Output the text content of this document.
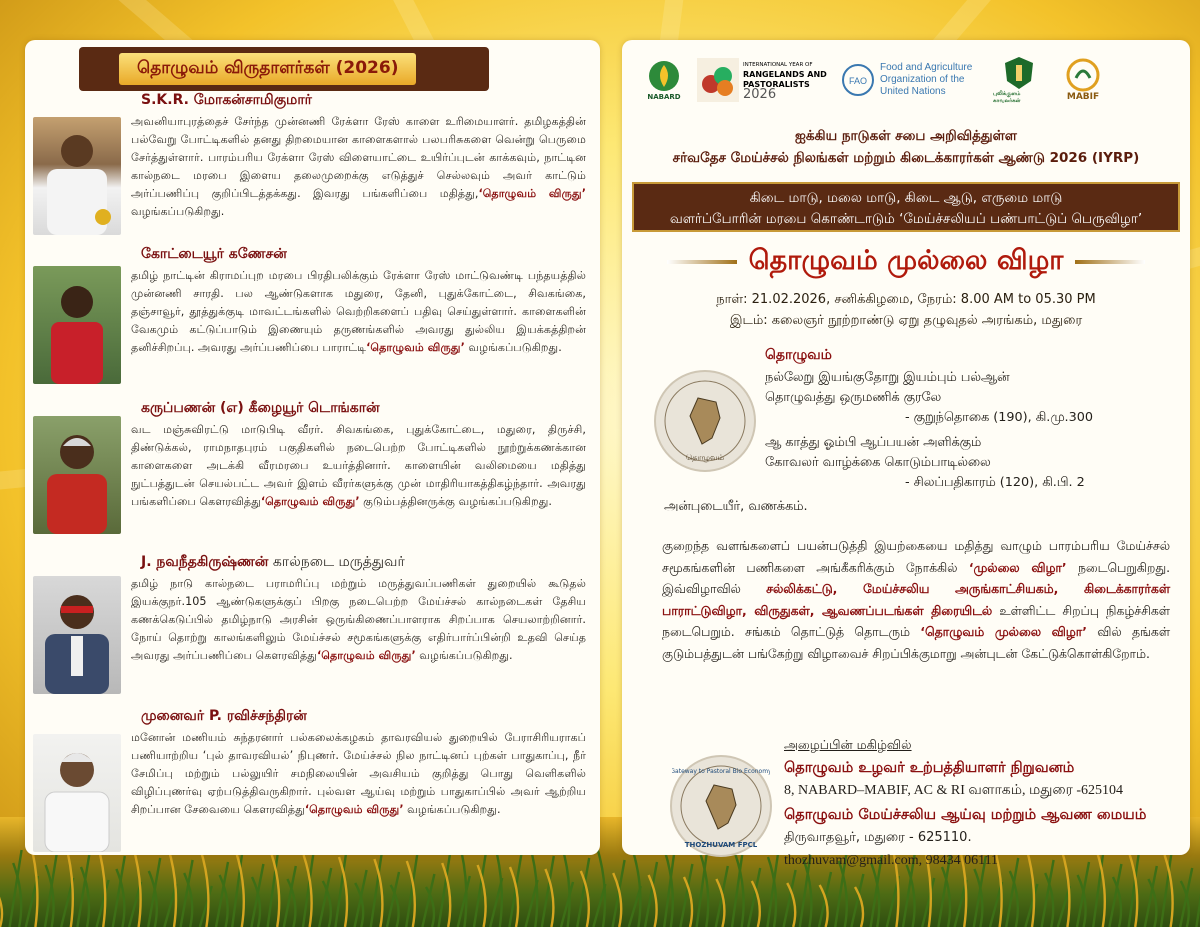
தொழுவம் விருதாளர்கள் (2026)
S.K.R. மோகன்சாமிகுமார்
அவனியாபுரத்தைச் சேர்ந்த முன்னணி ரேக்ளா ரேஸ் காளை உரிமையாளர். தமிழகத்தின் பல்வேறு போட்டிகளில் தனது திறமையான காளைகளால் பலபரிசுகளை வென்று பெருமை சேர்த்துள்ளார். பாரம்பரிய ரேக்ளா ரேஸ் விளையாட்டை உயிர்ப்புடன் காக்கவும், நாட்டின கால்நடை மரபை இளைய தலைமுறைக்கு எடுத்துச் செல்லவும் அவர் காட்டும் அர்ப்பணிப்பு குறிப்பிடத்தக்கது. இவரது பங்களிப்பை மதித்து,‘தொழுவம் விருது’ வழங்கப்படுகிறது.
கோட்டையூர் கணேசன்
தமிழ் நாட்டின் கிராமப்புற மரபை பிரதிபலிக்கும் ரேக்ளா ரேஸ் மாட்டுவண்டி பந்தயத்தில் முன்னணி சாரதி. பல ஆண்டுகளாக மதுரை, தேனி, புதுக்கோட்டை, சிவகங்கை, தஞ்சாவூர், தூத்துக்குடி மாவட்டங்களில் வெற்றிகளைப் பதிவு செய்துள்ளார். காளைகளின் வேகமும் கட்டுப்பாடும் இணையும் தருணங்களில் அவரது துல்லிய இயக்கத்திறன் தனிச்சிறப்பு. அவரது அர்ப்பணிப்பை பாராட்டி‘தொழுவம் விருது’ வழங்கப்படுகிறது.
கருப்பணன் (எ) கீழையூர் டொங்கான்
வட மஞ்சுவிரட்டு மாடுபிடி வீரர். சிவகங்கை, புதுக்கோட்டை, மதுரை, திருச்சி, திண்டுக்கல், ராமநாதபுரம் பகுதிகளில் நடைபெற்ற போட்டிகளில் நூற்றுக்கணக்கான காளைகளை அடக்கி வீரமரபை உயர்த்தினார். காளையின் வலிமையை மதித்து நுட்பத்துடன் செயல்பட்ட அவர் இளம் வீரர்களுக்கு முன் மாதிரியாகத்திகழ்ந்தார். அவரது பங்களிப்பை கௌரவித்து‘தொழுவம் விருது’ குடும்பத்தினருக்கு வழங்கப்படுகிறது.
J. நவநீதகிருஷ்ணன் கால்நடை மருத்துவர்
தமிழ் நாடு கால்நடை பராமரிப்பு மற்றும் மருத்துவப்பணிகள் துறையில் கூடுதல் இயக்குநர்.105 ஆண்டுகளுக்குப் பிறகு நடைபெற்ற மேய்ச்சல் கால்நடைகள் தேசிய கணக்கெடுப்பில் தமிழ்நாடு அரசின் ஒருங்கிணைப்பாளராக சிறப்பாக செயலாற்றினார். நோய் தொற்று காலங்களிலும் மேய்ச்சல் சமூகங்களுக்கு எதிர்பார்ப்பின்றி உதவி செய்த அவரது அர்ப்பணிப்பை கௌரவித்து‘தொழுவம் விருது’ வழங்கப்படுகிறது.
முனைவர் P. ரவிச்சந்திரன்
மனோன் மணியம் சுந்தரனார் பல்கலைக்கழகம் தாவரவியல் துறையில் பேராசிரியராகப் பணியாற்றிய ‘புல் தாவரவியல்’ நிபுணர். மேய்ச்சல் நில நாட்டினப் புற்கள் பாதுகாப்பு, நீர் சேமிப்பு மற்றும் பல்லுயிர் சமநிலையின் அவசியம் குறித்து பொது வெளிகளில் விழிப்புணர்வு ஏற்படுத்திவருகிறார். புல்வள ஆய்வு மற்றும் பாதுகாப்பில் அவர் ஆற்றிய சிறப்பான சேவையை கௌரவித்து‘தொழுவம் விருது’ வழங்கப்படுகிறது.
NABARD
INTERNATIONAL YEAR OF
RANGELANDS AND
PASTORALISTS
2026
FAO
Food and Agriculture
Organization of the
United Nations	புலிக்குளம் காவலர்கள்	MABIF
ஐக்கிய நாடுகள் சபை அறிவித்துள்ள
சர்வதேச மேய்ச்சல் நிலங்கள் மற்றும் கிடைக்காரர்கள் ஆண்டு 2026 (IYRP)
கிடை மாடு, மலை மாடு, கிடை ஆடு, எருமை மாடு
வளர்ப்போரின் மரபை கொண்டாடும் ‘மேய்ச்சலியப் பண்பாட்டுப் பெருவிழா’
தொழுவம் முல்லை விழா
நாள்: 21.02.2026, சனிக்கிழமை, நேரம்: 8.00 AM to 05.30 PM
இடம்: கலைஞர் நூற்றாண்டு ஏறு தழுவுதல் அரங்கம், மதுரை
தொழுவம்
தொழுவம்
நல்லேறு இயங்குதோறு இயம்பும் பல்ஆன்
தொழுவத்து ஒருமணிக் குரலே
- குறுந்தொகை (190), கி.மு.300
ஆ காத்து ஓம்பி ஆப்பயன் அளிக்கும்
கோவலர் வாழ்க்கை கொடும்பாடில்லை
- சிலப்பதிகாரம் (120), கி.பி. 2
அன்புடையீர், வணக்கம்.
குறைந்த வளங்களைப் பயன்படுத்தி இயற்கையை மதித்து வாழும் பாரம்பரிய மேய்ச்சல் சமூகங்களின் பணிகளை அங்கீகரிக்கும் நோக்கில் ‘முல்லை விழா’ நடைபெறுகிறது. இவ்விழாவில் சல்லிக்கட்டு, மேய்ச்சலிய அருங்காட்சியகம், கிடைக்காரர்கள் பாராட்டுவிழா, விருதுகள், ஆவணப்படங்கள் திரையிடல் உள்ளிட்ட சிறப்பு நிகழ்ச்சிகள் நடைபெறும். சங்கம் தொட்டுத் தொடரும் ‘தொழுவம் முல்லை விழா’ வில் தங்கள் குடும்பத்துடன் பங்கேற்று விழாவைச் சிறப்பிக்குமாறு அன்புடன் கேட்டுக்கொள்கிறோம்.
Gateway to Pastoral Bio Economy
THOZHUVAM FPCL
அழைப்பின் மகிழ்வில்
தொழுவம் உழவர் உற்பத்தியாளர் நிறுவனம்
8, NABARD–MABIF, AC & RI வளாகம், மதுரை -625104
தொழுவம் மேய்ச்சலிய ஆய்வு மற்றும் ஆவண மையம்
திருவாதவூர், மதுரை - 625110.
thozhuvam@gmail.com, 98434 06111
